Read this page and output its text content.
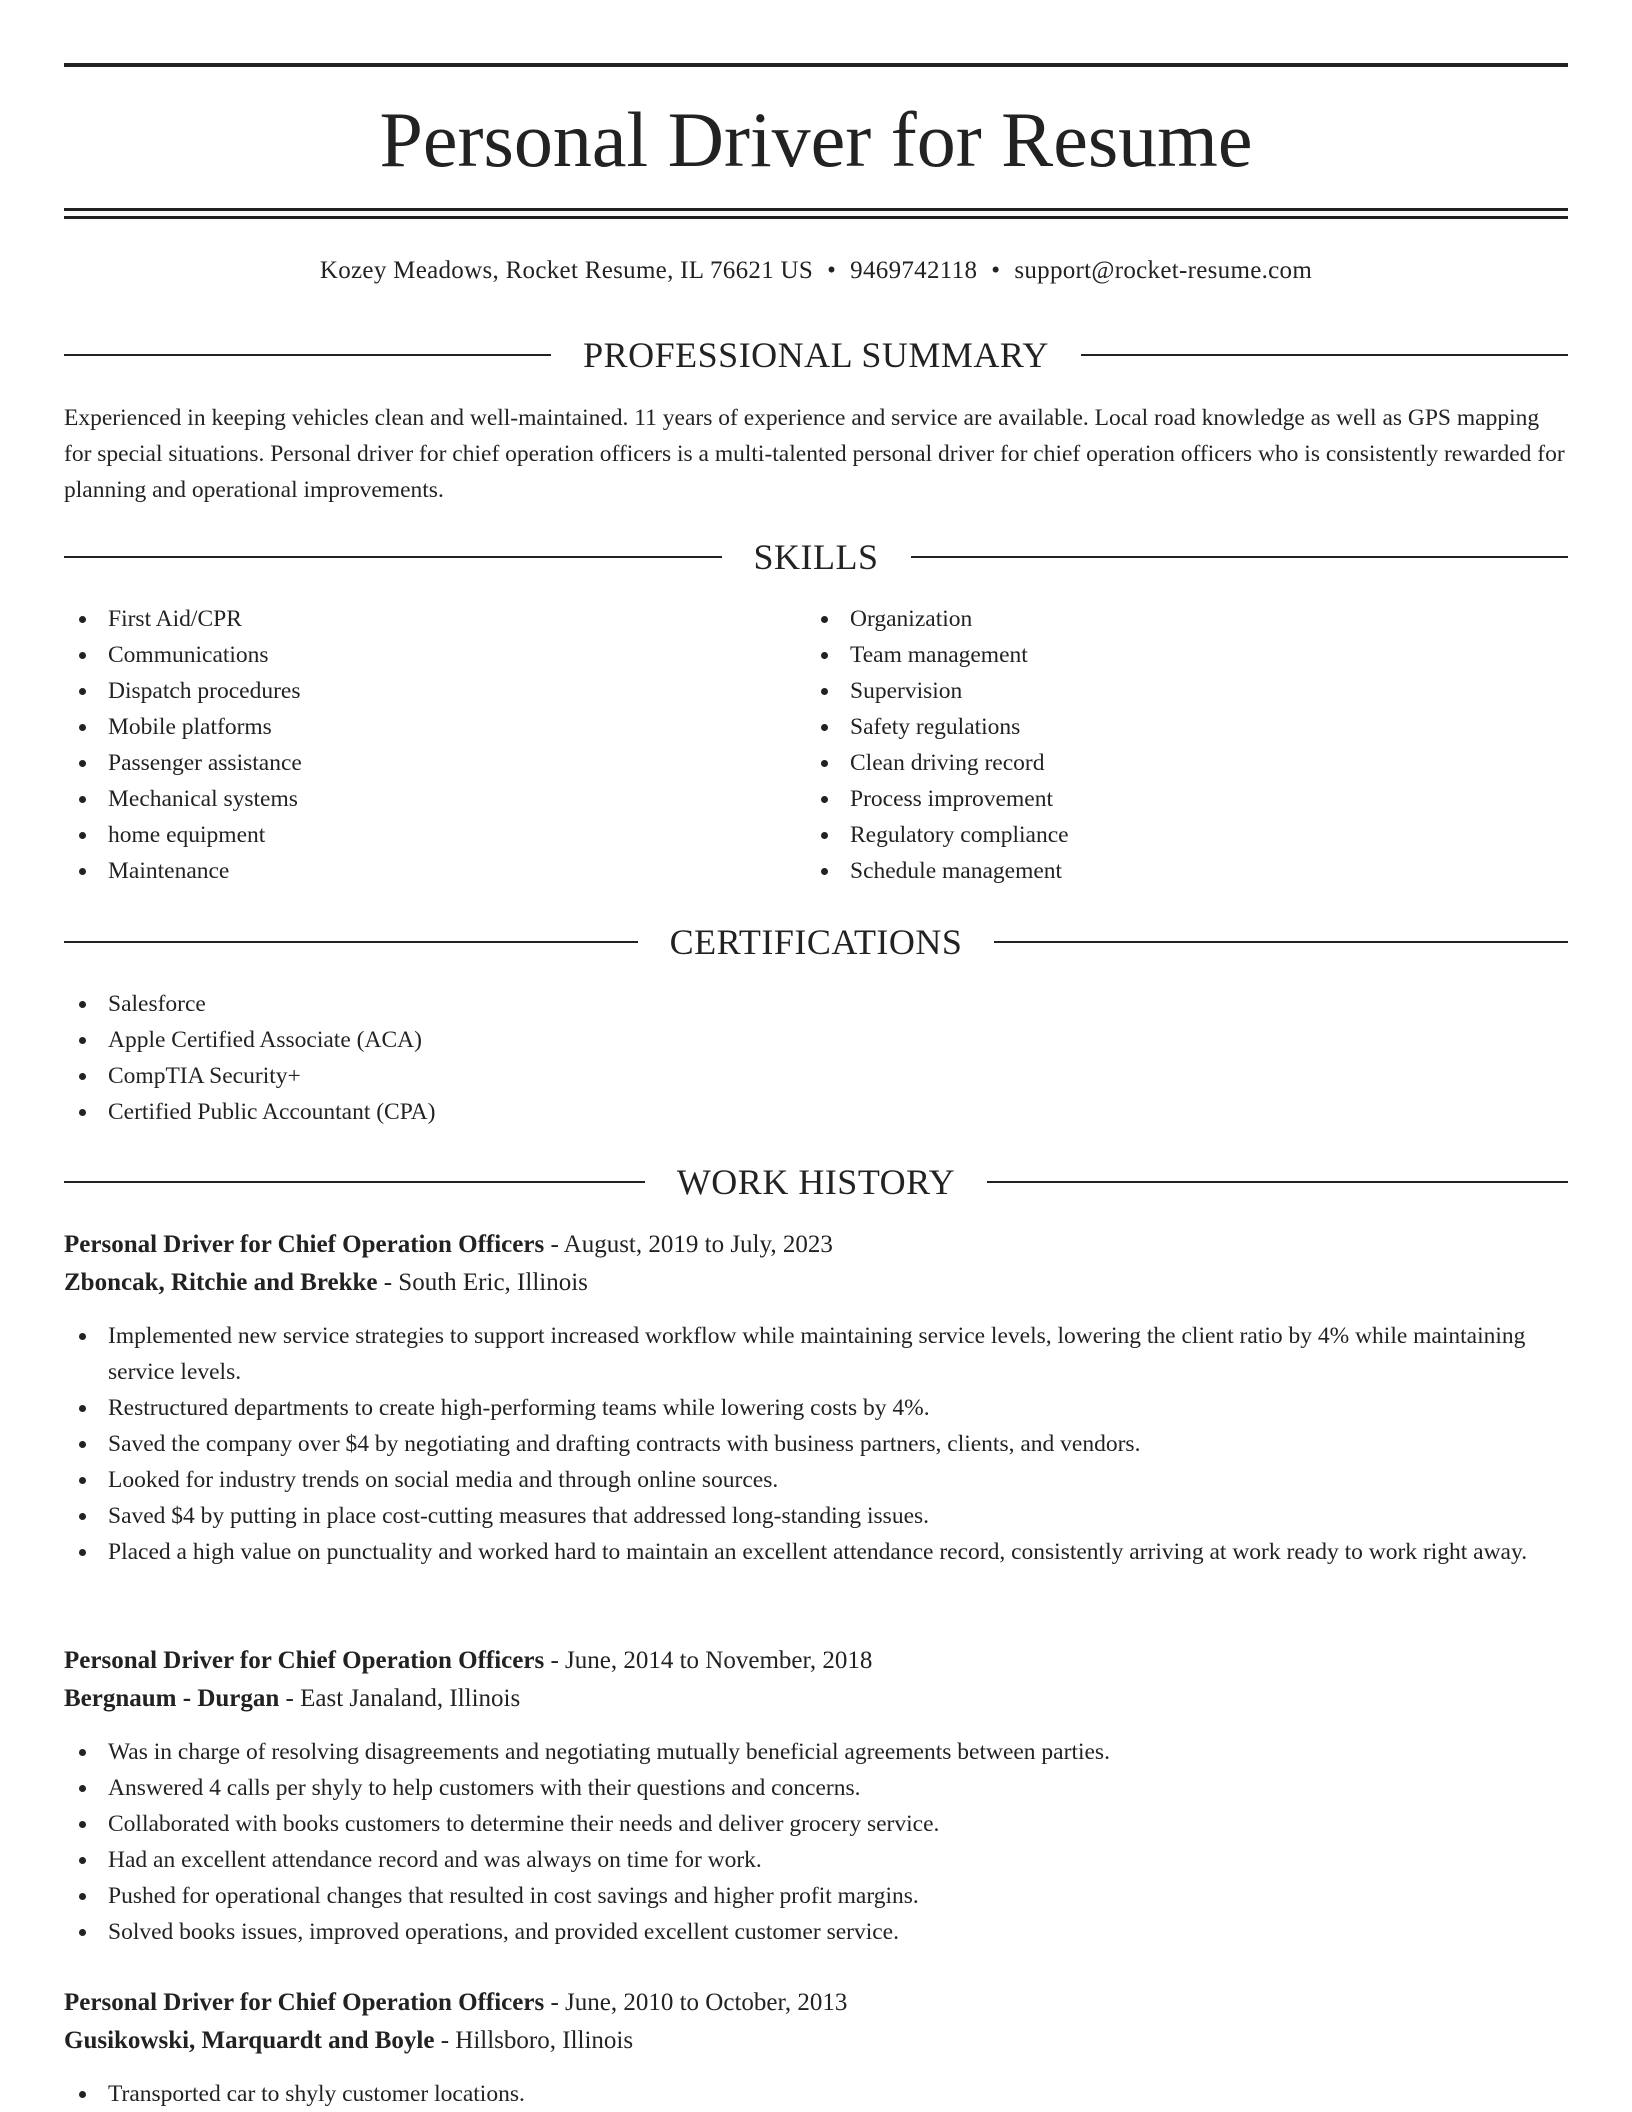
Personal Driver for Resume
Kozey Meadows, Rocket Resume, IL 76621 US • 9469742118 • support@rocket-resume.com
PROFESSIONAL SUMMARY

Experienced in keeping vehicles clean and well-maintained. 11 years of experience and service are available. Local road knowledge as well as GPS mapping for special situations. Personal driver for chief operation officers is a multi-talented personal driver for chief operation officers who is consistently rewarded for planning and operational improvements.

SKILLS
First Aid/CPR
Communications
Dispatch procedures
Mobile platforms
Passenger assistance
Mechanical systems
home equipment
Maintenance
Organization
Team management
Supervision
Safety regulations
Clean driving record
Process improvement
Regulatory compliance
Schedule management
CERTIFICATIONS
Salesforce
Apple Certified Associate (ACA)
CompTIA Security+
Certified Public Accountant (CPA)
WORK HISTORY
Personal Driver for Chief Operation Officers - August, 2019 to July, 2023
Zboncak, Ritchie and Brekke - South Eric, Illinois
Implemented new service strategies to support increased workflow while maintaining service levels, lowering the client ratio by 4% while maintaining service levels.
Restructured departments to create high-performing teams while lowering costs by 4%.
Saved the company over $4 by negotiating and drafting contracts with business partners, clients, and vendors.
Looked for industry trends on social media and through online sources.
Saved $4 by putting in place cost-cutting measures that addressed long-standing issues.
Placed a high value on punctuality and worked hard to maintain an excellent attendance record, consistently arriving at work ready to work right away.
Personal Driver for Chief Operation Officers - June, 2014 to November, 2018
Bergnaum - Durgan - East Janaland, Illinois
Was in charge of resolving disagreements and negotiating mutually beneficial agreements between parties.
Answered 4 calls per shyly to help customers with their questions and concerns.
Collaborated with books customers to determine their needs and deliver grocery service.
Had an excellent attendance record and was always on time for work.
Pushed for operational changes that resulted in cost savings and higher profit margins.
Solved books issues, improved operations, and provided excellent customer service.
Personal Driver for Chief Operation Officers - June, 2010 to October, 2013
Gusikowski, Marquardt and Boyle - Hillsboro, Illinois
Transported car to shyly customer locations.
